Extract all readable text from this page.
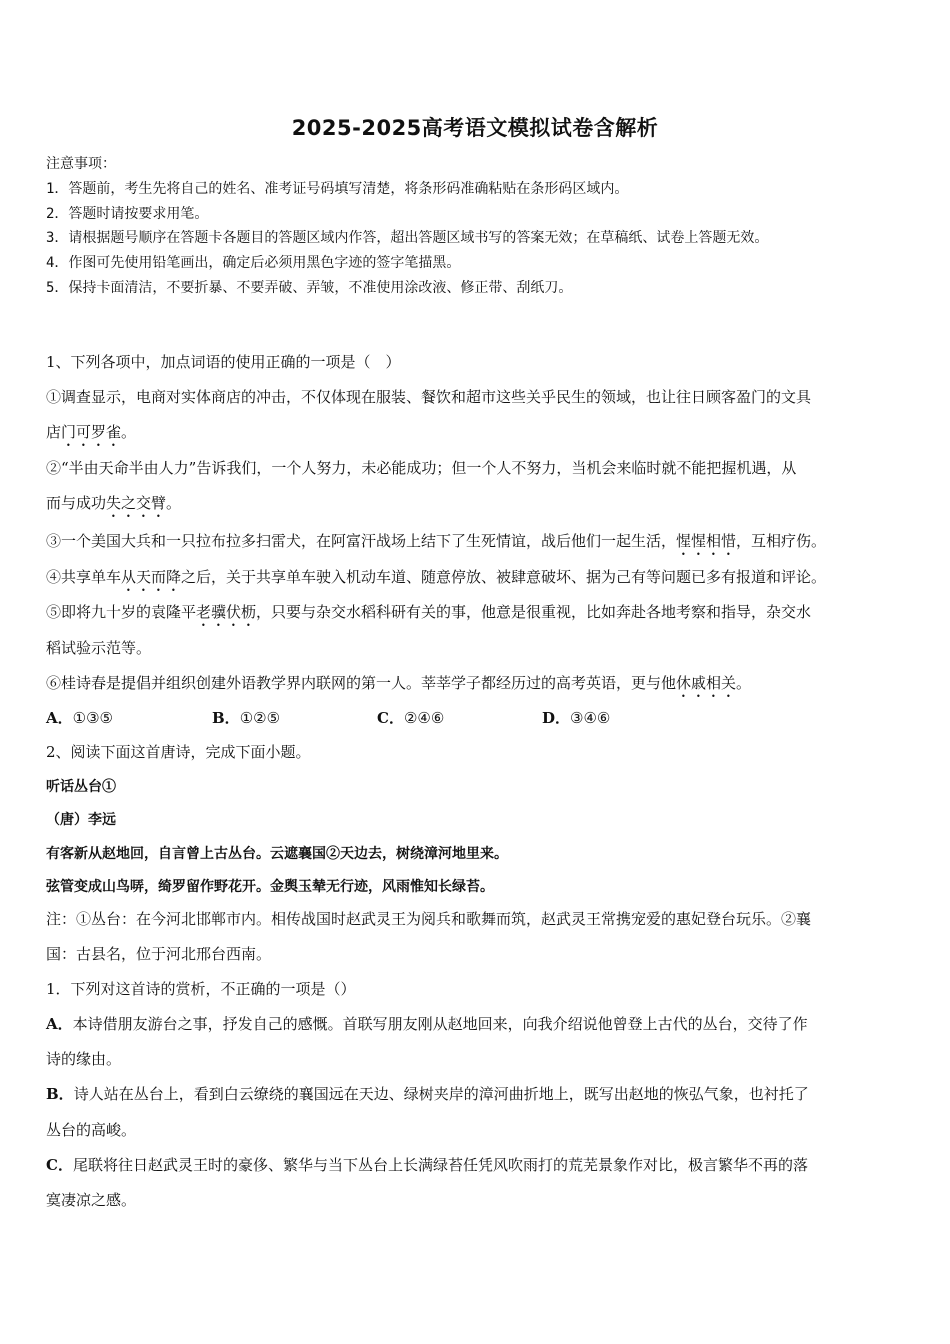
2025-2025高考语文模拟试卷含解析
注意事项：
1．答题前，考生先将自己的姓名、准考证号码填写清楚，将条形码准确粘贴在条形码区域内。
2．答题时请按要求用笔。
3．请根据题号顺序在答题卡各题目的答题区域内作答，超出答题区域书写的答案无效；在草稿纸、试卷上答题无效。
4．作图可先使用铅笔画出，确定后必须用黑色字迹的签字笔描黑。
5．保持卡面清洁，不要折暴、不要弄破、弄皱，不准使用涂改液、修正带、刮纸刀。
1、下列各项中，加点词语的使用正确的一项是（　）
①调查显示，电商对实体商店的冲击，不仅体现在服装、餐饮和超市这些关乎民生的领域，也让往日顾客盈门的文具
店门可罗雀。
②“半由天命半由人力”告诉我们，一个人努力，未必能成功；但一个人不努力，当机会来临时就不能把握机遇，从
而与成功失之交臂。
③一个美国大兵和一只拉布拉多扫雷犬，在阿富汗战场上结下了生死情谊，战后他们一起生活，惺惺相惜，互相疗伤。
④共享单车从天而降之后，关于共享单车驶入机动车道、随意停放、被肆意破坏、据为己有等问题已多有报道和评论。
⑤即将九十岁的袁隆平老骥伏枥，只要与杂交水稻科研有关的事，他意是很重视，比如奔赴各地考察和指导，杂交水
稻试验示范等。
⑥桂诗春是提倡并组织创建外语教学界内联网的第一人。莘莘学子都经历过的高考英语，更与他休戚相关。
A．①③⑤	B．①②⑤	C．②④⑥	D．③④⑥
2、阅读下面这首唐诗，完成下面小题。
听话丛台①
（唐）李远
有客新从赵地回，自言曾上古丛台。云遮襄国②天边去，树绕漳河地里来。
弦管变成山鸟哢，绮罗留作野花开。金舆玉辇无行迹，风雨惟知长绿苔。
注：①丛台：在今河北邯郸市内。相传战国时赵武灵王为阅兵和歌舞而筑，赵武灵王常携宠爱的惠妃登台玩乐。②襄
国：古县名，位于河北邢台西南。
1．下列对这首诗的赏析，不正确的一项是（）
A．本诗借朋友游台之事，抒发自己的感慨。首联写朋友刚从赵地回来，向我介绍说他曾登上古代的丛台，交待了作
诗的缘由。
B．诗人站在丛台上，看到白云缭绕的襄国远在天边、绿树夹岸的漳河曲折地上，既写出赵地的恢弘气象，也衬托了
丛台的高峻。
C．尾联将往日赵武灵王时的豪侈、繁华与当下丛台上长满绿苔任凭风吹雨打的荒芜景象作对比，极言繁华不再的落
寞凄凉之感。
